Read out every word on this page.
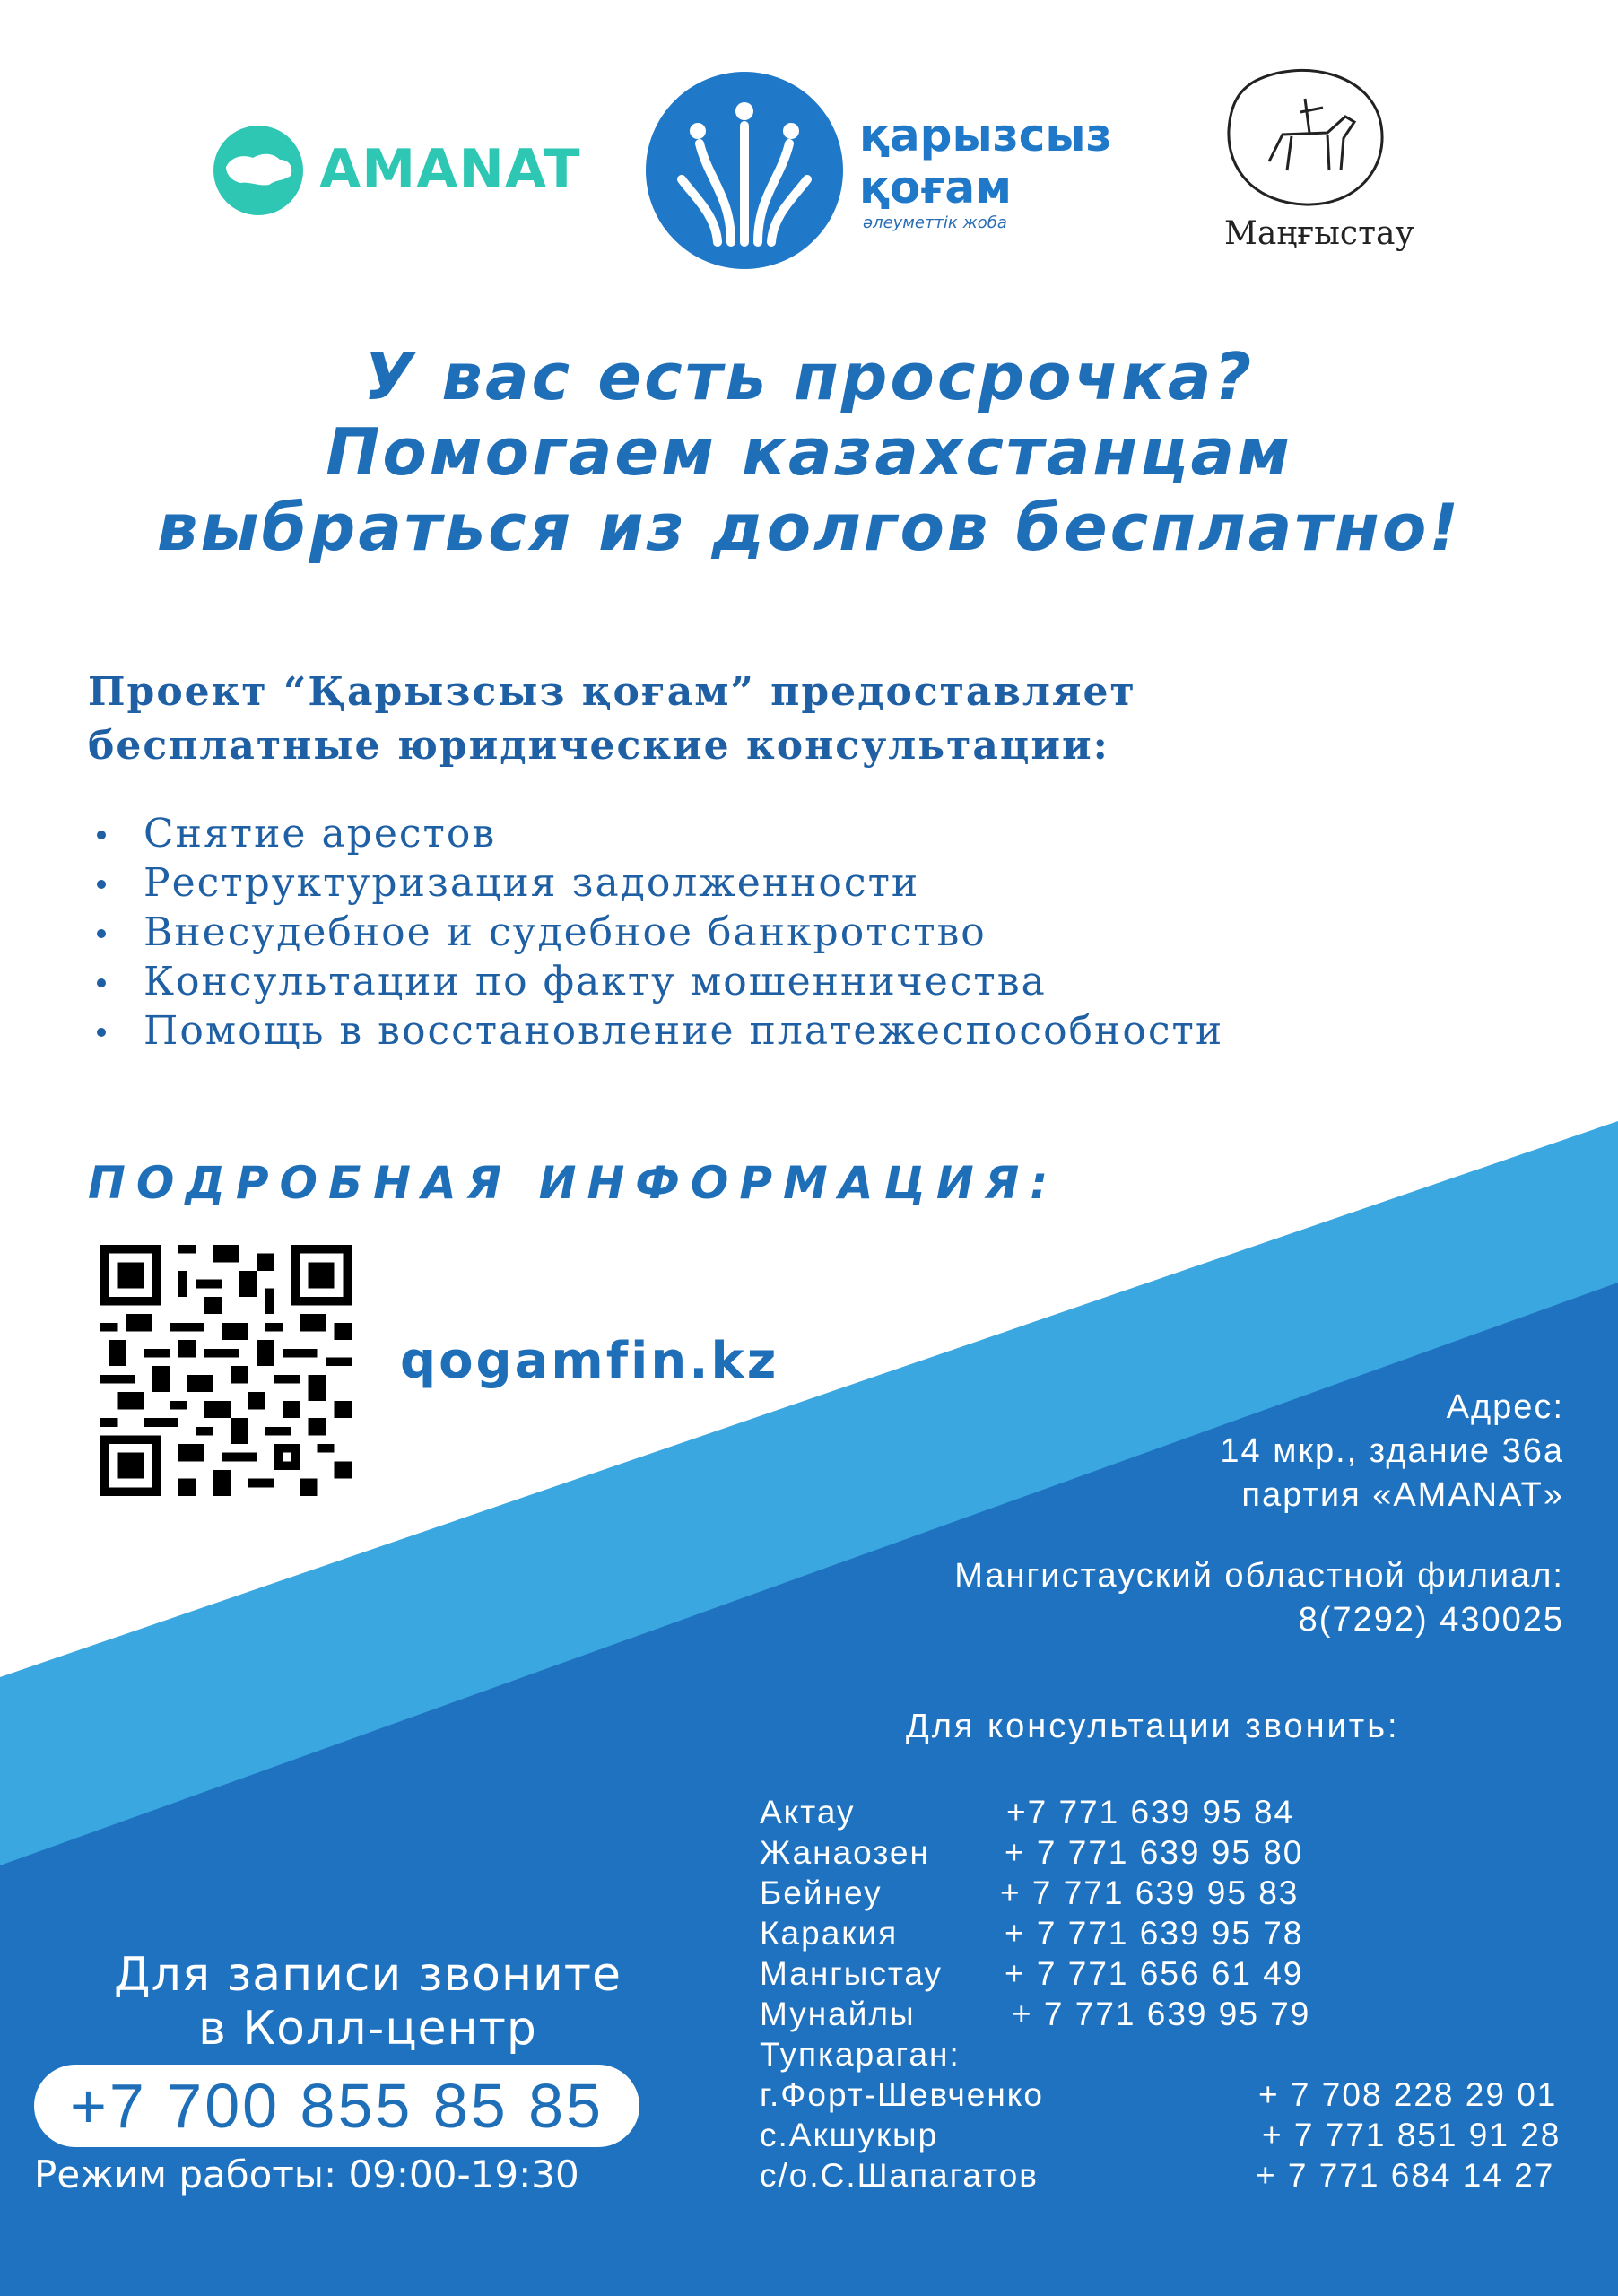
AMANAT
қарызсыз
қоғам
әлеуметтік жоба	Маңғыстау
У вас есть просрочка?
Помогаем казахстанцам
выбраться из долгов бесплатно!
Проект “Қарызсыз қоғам” предоставляет
бесплатные юридические консультации:
Снятие арестов
Реструктуризация задолженности
Внесудебное и судебное банкротство
Консультации по факту мошенничества
Помощь в восстановление платежеспособности
ПОДРОБНАЯ ИНФОРМАЦИЯ:
qogamfin.kz
Адрес:
14 мкр., здание 36а
партия «AMANAT»
Мангистауский областной филиал:
8(7292) 430025
Для консультации звонить:
Актау	+7 771 639 95 84
Жанаозен + 7 771 639 95 80
Бейнеу	+ 7 771 639 95 83
Каракия	+ 7 771 639 95 78
Мангыстау + 7 771 656 61 49
Мунайлы	+ 7 771 639 95 79
Тупкараган:
г.Форт-Шевченко	+ 7 708 228 29 01
с.Акшукыр	+ 7 771 851 91 28
с/о.С.Шапагатов	+ 7 771 684 14 27
Для записи звоните
в Колл-центр
+7 700 855 85 85
Режим работы: 09:00-19:30
